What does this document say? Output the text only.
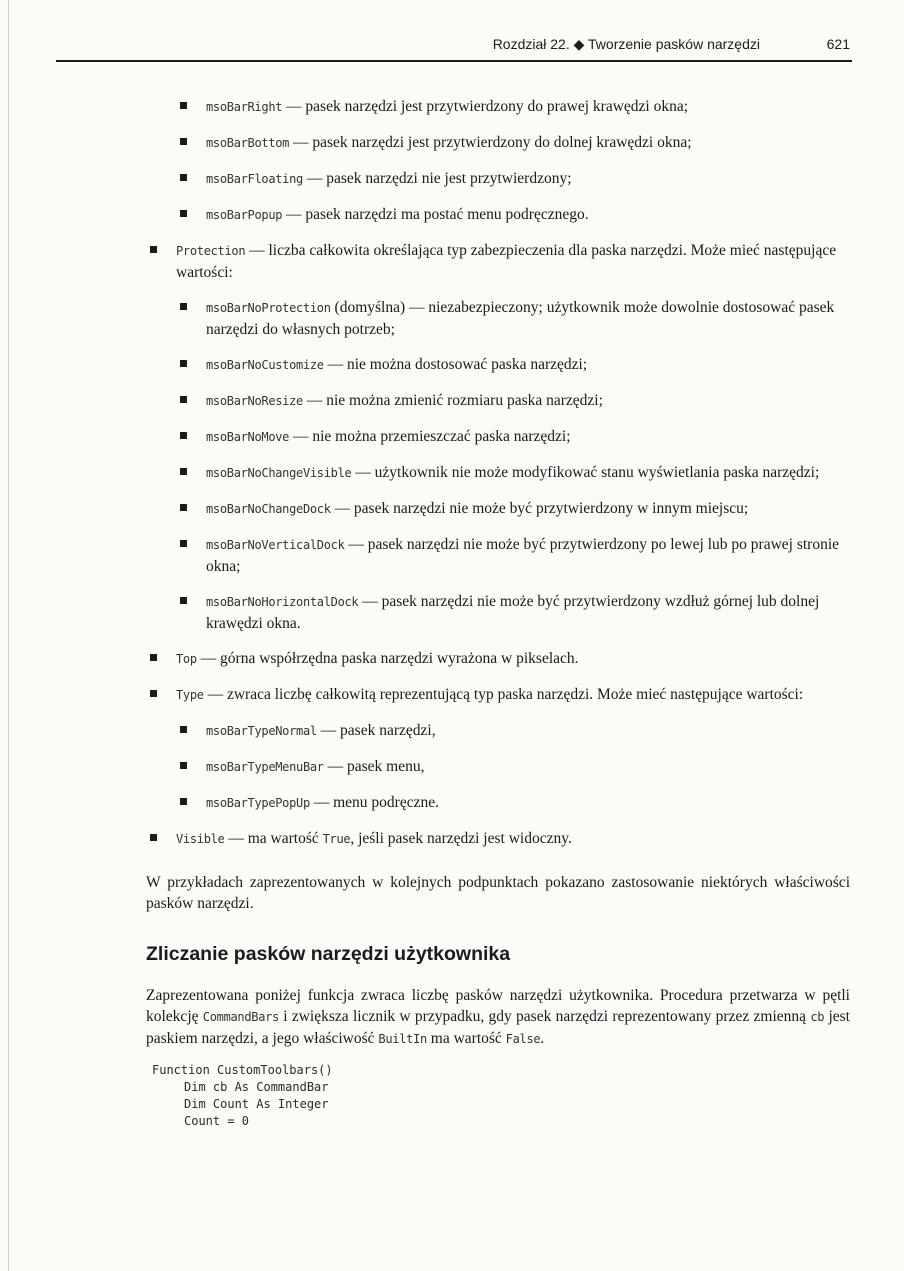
Rozdział 22. ◆ Tworzenie pasków narzędzi	621
msoBarRight — pasek narzędzi jest przytwierdzony do prawej krawędzi okna;
msoBarBottom — pasek narzędzi jest przytwierdzony do dolnej krawędzi okna;
msoBarFloating — pasek narzędzi nie jest przytwierdzony;
msoBarPopup — pasek narzędzi ma postać menu podręcznego.
Protection — liczba całkowita określająca typ zabezpieczenia dla paska narzędzi. Może mieć następujące wartości:
msoBarNoProtection (domyślna) — niezabezpieczony; użytkownik może dowolnie dostosować pasek narzędzi do własnych potrzeb;
msoBarNoCustomize — nie można dostosować paska narzędzi;
msoBarNoResize — nie można zmienić rozmiaru paska narzędzi;
msoBarNoMove — nie można przemieszczać paska narzędzi;
msoBarNoChangeVisible — użytkownik nie może modyfikować stanu wyświetlania paska narzędzi;
msoBarNoChangeDock — pasek narzędzi nie może być przytwierdzony w innym miejscu;
msoBarNoVerticalDock — pasek narzędzi nie może być przytwierdzony po lewej lub po prawej stronie okna;
msoBarNoHorizontalDock — pasek narzędzi nie może być przytwierdzony wzdłuż górnej lub dolnej krawędzi okna.
Top — górna współrzędna paska narzędzi wyrażona w pikselach.
Type — zwraca liczbę całkowitą reprezentującą typ paska narzędzi. Może mieć następujące wartości:
msoBarTypeNormal — pasek narzędzi,
msoBarTypeMenuBar — pasek menu,
msoBarTypePopUp — menu podręczne.
Visible — ma wartość True, jeśli pasek narzędzi jest widoczny.

W przykładach zaprezentowanych w kolejnych podpunktach pokazano zastosowanie niektórych właściwości pasków narzędzi.

Zliczanie pasków narzędzi użytkownika

Zaprezentowana poniżej funkcja zwraca liczbę pasków narzędzi użytkownika. Procedura przetwarza w pętli kolekcję CommandBars i zwiększa licznik w przypadku, gdy pasek narzędzi reprezentowany przez zmienną cb jest paskiem narzędzi, a jego właściwość BuiltIn ma wartość False.

Function CustomToolbars()
Dim cb As CommandBar
Dim Count As Integer
Count = 0
